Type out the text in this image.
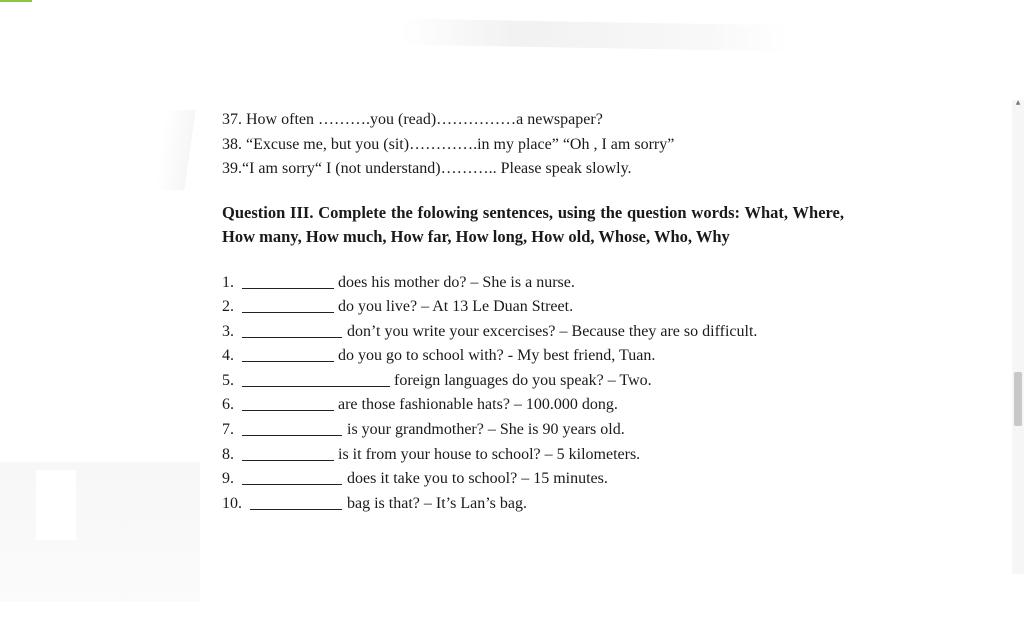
▲
37. How often ……….you (read)……………a newspaper?
38. “Excuse me, but you (sit)………….in my place” “Oh , I am sorry”
39.“I am sorry“ I (not understand)……….. Please speak slowly.
Question III. Complete the folowing sentences, using the question words: What, Where, How many, How much, How far, How long, How old, Whose, Who, Why
1.	does his mother do? – She is a nurse.
2.	do you live? – At 13 Le Duan Street.
3.	don’t you write your excercises? – Because they are so difficult.
4.	do you go to school with? - My best friend, Tuan.
5.	foreign languages do you speak? – Two.
6.	are those fashionable hats? – 100.000 dong.
7.	is your grandmother? – She is 90 years old.
8.	is it from your house to school? – 5 kilometers.
9.	does it take you to school? – 15 minutes.
10.	bag is that? – It’s Lan’s bag.
